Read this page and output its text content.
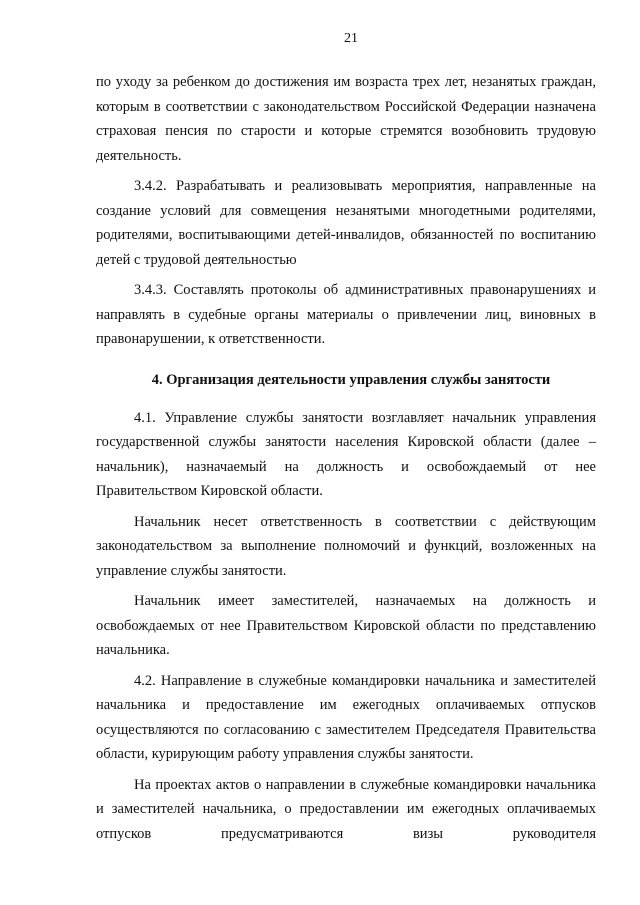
21

по уходу за ребенком до достижения им возраста трех лет, незанятых граждан, которым в соответствии с законодательством Российской Федерации назначена страховая пенсия по старости и которые стремятся возобновить трудовую деятельность.

3.4.2. Разрабатывать и реализовывать мероприятия, направленные на создание условий для совмещения незанятыми многодетными родителями, родителями, воспитывающими детей-инвалидов, обязанностей по воспитанию детей с трудовой деятельностью

3.4.3. Составлять протоколы об административных правонарушениях и направлять в судебные органы материалы о привлечении лиц, виновных в правонарушении, к ответственности.

4. Организация деятельности управления службы занятости

4.1. Управление службы занятости возглавляет начальник управления государственной службы занятости населения Кировской области (далее – начальник), назначаемый на должность и освобождаемый от нее Правительством Кировской области.

Начальник несет ответственность в соответствии с действующим законодательством за выполнение полномочий и функций, возложенных на управление службы занятости.

Начальник имеет заместителей, назначаемых на должность и освобождаемых от нее Правительством Кировской области по представлению начальника.

4.2. Направление в служебные командировки начальника и заместителей начальника и предоставление им ежегодных оплачиваемых отпусков осуществляются по согласованию с заместителем Председателя Правительства области, курирующим работу управления службы занятости.

На проектах актов о направлении в служебные командировки начальника и заместителей начальника, о предоставлении им ежегодных оплачиваемых отпусков предусматриваются визы руководителя
